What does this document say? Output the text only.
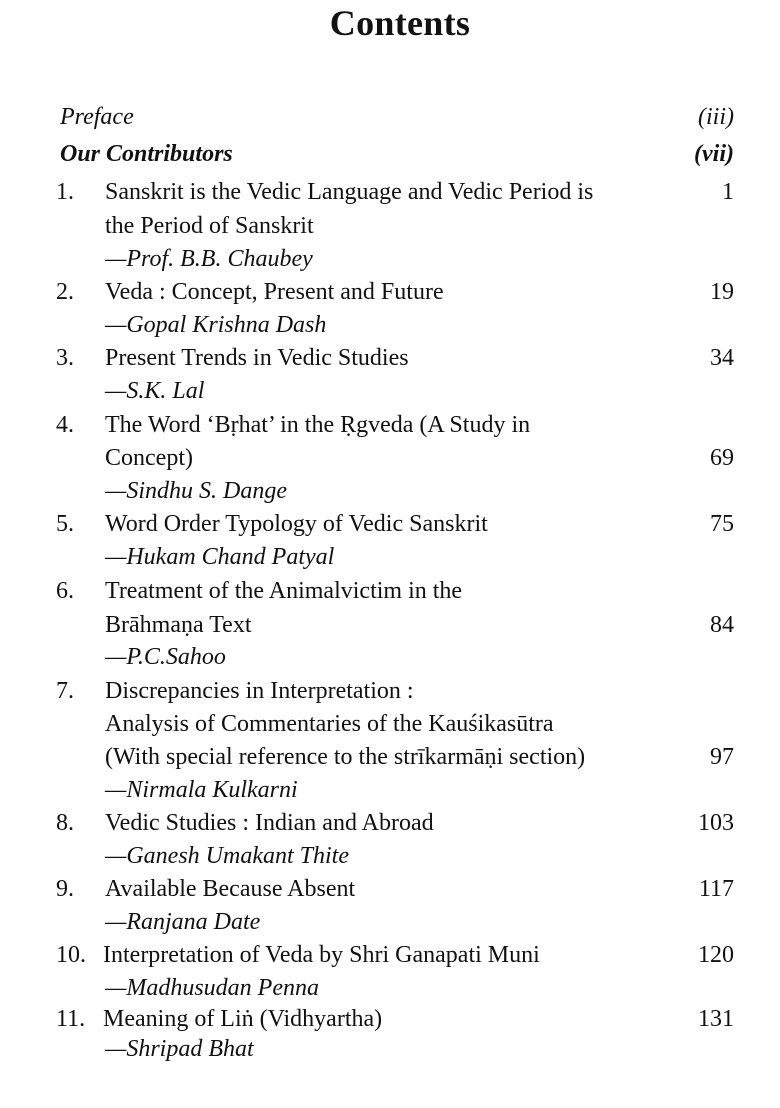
Contents
Preface	(iii)
Our Contributors	(vii)
1. Sanskrit is the Vedic Language and Vedic Period is	1
the Period of Sanskrit
—Prof. B.B. Chaubey
2. Veda : Concept, Present and Future	19
—Gopal Krishna Dash
3. Present Trends in Vedic Studies	34
—S.K. Lal
4. The Word ‘Bṛhat’ in the Ṛgveda (A Study in
Concept)	69
—Sindhu S. Dange
5. Word Order Typology of Vedic Sanskrit	75
—Hukam Chand Patyal
6. Treatment of the Animalvictim in the
Brāhmaṇa Text	84
—P.C.Sahoo
7. Discrepancies in Interpretation :
Analysis of Commentaries of the Kauśikasūtra
(With special reference to the strīkarmāṇi section)	97
—Nirmala Kulkarni
8. Vedic Studies : Indian and Abroad	103
—Ganesh Umakant Thite
9. Available Because Absent	117
—Ranjana Date
10. Interpretation of Veda by Shri Ganapati Muni	120
—Madhusudan Penna
11. Meaning of Liṅ (Vidhyartha)	131
—Shripad Bhat
